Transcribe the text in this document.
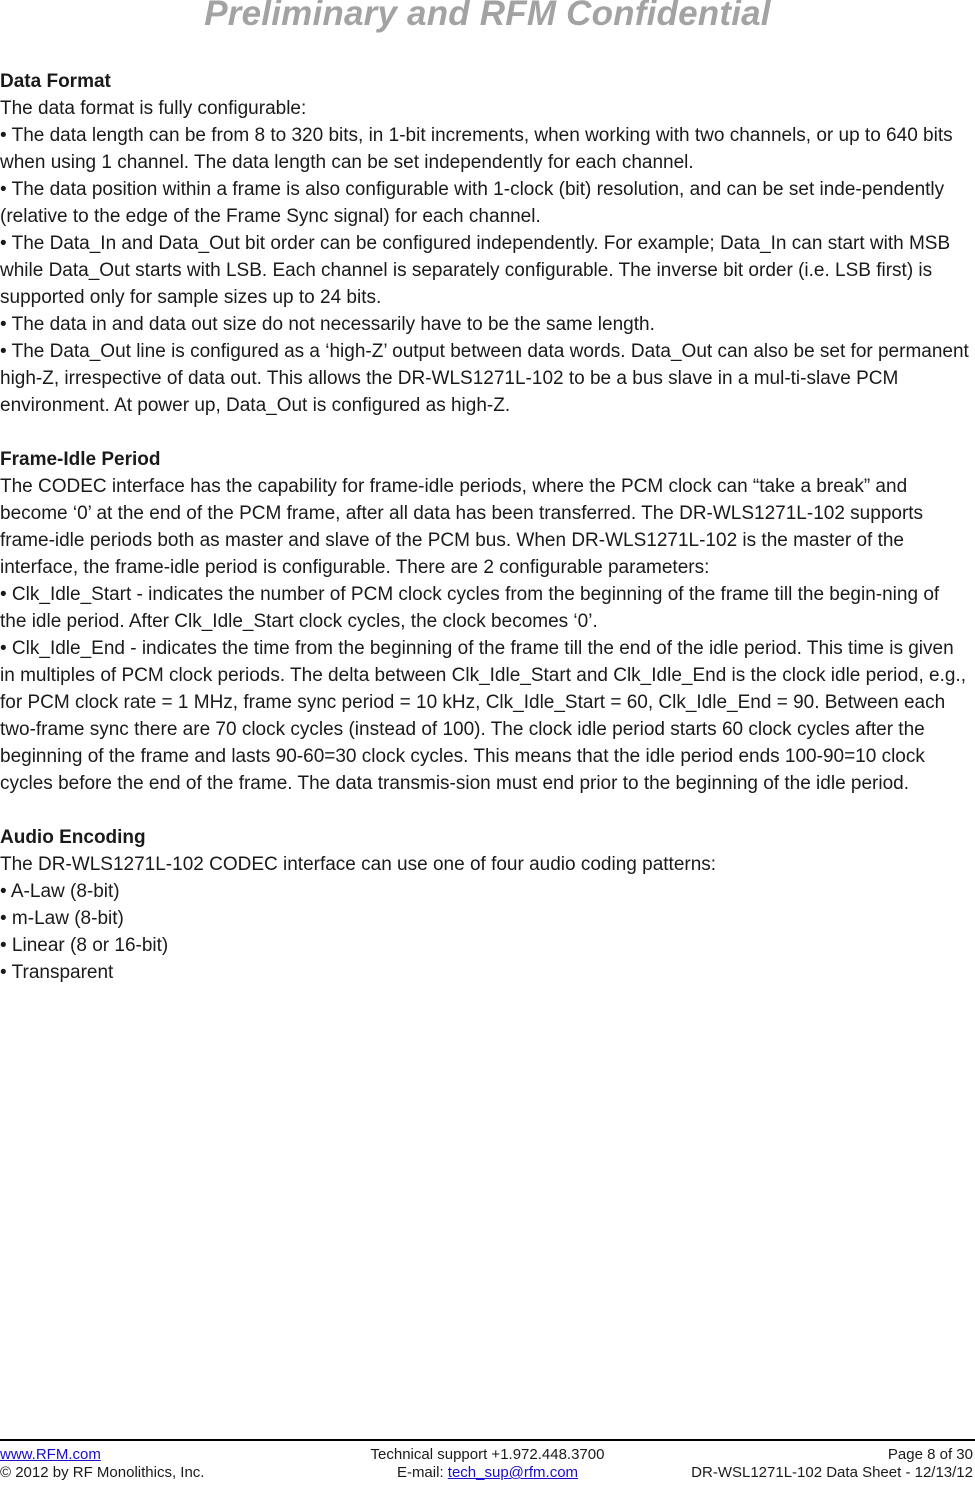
Preliminary and RFM Confidential
Data Format
The data format is fully configurable:
• The data length can be from 8 to 320 bits, in 1-bit increments, when working with two channels, or up to 640 bits when using 1 channel. The data length can be set independently for each channel.
• The data position within a frame is also configurable with 1-clock (bit) resolution, and can be set inde-pendently (relative to the edge of the Frame Sync signal) for each channel.
• The Data_In and Data_Out bit order can be configured independently. For example; Data_In can start with MSB while Data_Out starts with LSB. Each channel is separately configurable. The inverse bit order (i.e. LSB first) is supported only for sample sizes up to 24 bits.
• The data in and data out size do not necessarily have to be the same length.
• The Data_Out line is configured as a ‘high-Z’ output between data words. Data_Out can also be set for permanent high-Z, irrespective of data out. This allows the DR-WLS1271L-102 to be a bus slave in a mul-ti-slave PCM environment. At power up, Data_Out is configured as high-Z.
Frame-Idle Period
The CODEC interface has the capability for frame-idle periods, where the PCM clock can “take a break” and become ‘0’ at the end of the PCM frame, after all data has been transferred. The DR-WLS1271L-102 supports frame-idle periods both as master and slave of the PCM bus. When DR-WLS1271L-102 is the master of the interface, the frame-idle period is configurable. There are 2 configurable parameters:
• Clk_Idle_Start - indicates the number of PCM clock cycles from the beginning of the frame till the begin-ning of the idle period. After Clk_Idle_Start clock cycles, the clock becomes ‘0’.
• Clk_Idle_End - indicates the time from the beginning of the frame till the end of the idle period. This time is given in multiples of PCM clock periods. The delta between Clk_Idle_Start and Clk_Idle_End is the clock idle period, e.g., for PCM clock rate = 1 MHz, frame sync period = 10 kHz, Clk_Idle_Start = 60, Clk_Idle_End = 90. Between each two-frame sync there are 70 clock cycles (instead of 100). The clock idle period starts 60 clock cycles after the beginning of the frame and lasts 90-60=30 clock cycles. This means that the idle period ends 100-90=10 clock cycles before the end of the frame. The data transmis-sion must end prior to the beginning of the idle period.
Audio Encoding
The DR-WLS1271L-102 CODEC interface can use one of four audio coding patterns:
• A-Law (8-bit)
• m-Law (8-bit)
• Linear (8 or 16-bit)
• Transparent
www.RFM.com	Technical support +1.972.448.3700	Page 8 of 30
© 2012 by RF Monolithics, Inc.	E-mail: tech_sup@rfm.com	DR-WSL1271L-102 Data Sheet - 12/13/12
